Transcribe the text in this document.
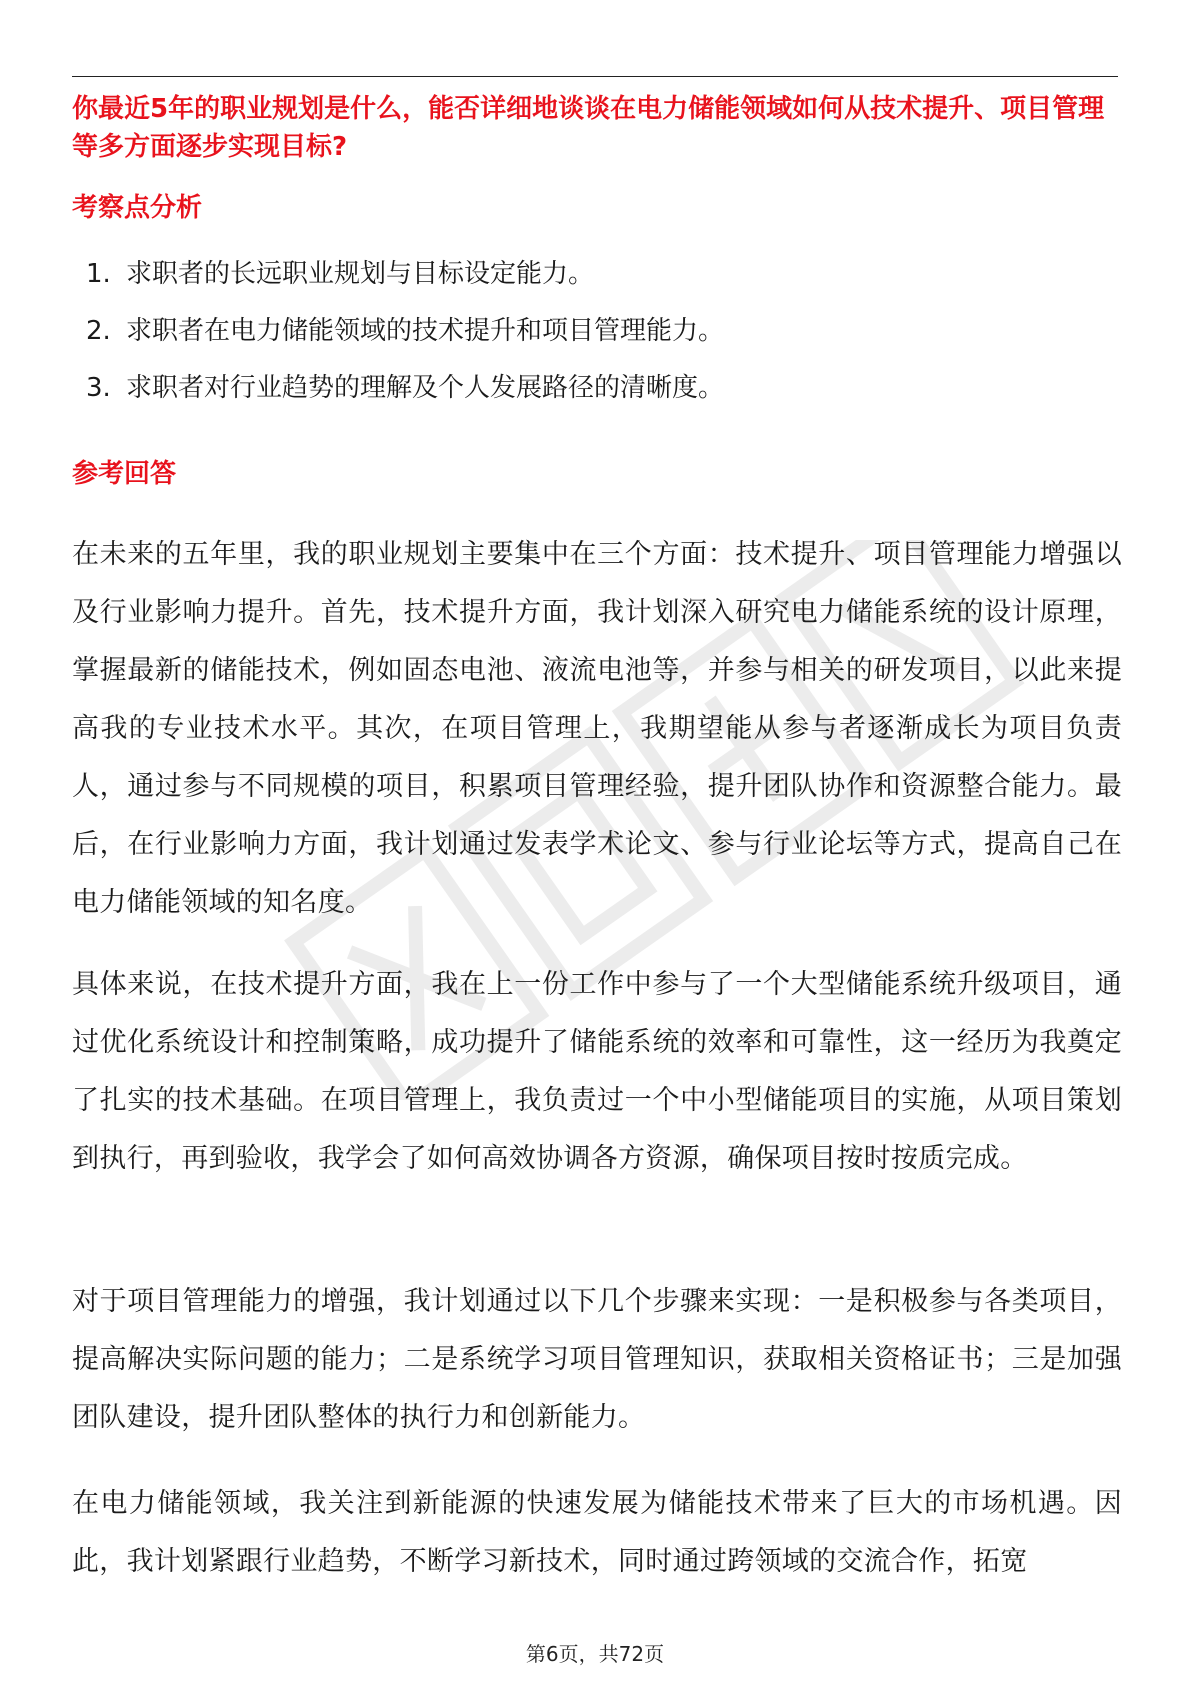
你最近5年的职业规划是什么，能否详细地谈谈在电力储能领域如何从技术提升、项目管理等多方面逐步实现目标?

考察点分析
1. 求职者的长远职业规划与目标设定能力。
2. 求职者在电力储能领域的技术提升和项目管理能力。
3. 求职者对行业趋势的理解及个人发展路径的清晰度。
参考回答

在未来的五年里，我的职业规划主要集中在三个方面：技术提升、项目管理能力增强以及行业影响力提升。首先，技术提升方面，我计划深入研究电力储能系统的设计原理，掌握最新的储能技术，例如固态电池、液流电池等，并参与相关的研发项目，以此来提高我的专业技术水平。其次，在项目管理上，我期望能从参与者逐渐成长为项目负责人，通过参与不同规模的项目，积累项目管理经验，提升团队协作和资源整合能力。最后，在行业影响力方面，我计划通过发表学术论文、参与行业论坛等方式，提高自己在电力储能领域的知名度。

具体来说，在技术提升方面，我在上一份工作中参与了一个大型储能系统升级项目，通过优化系统设计和控制策略，成功提升了储能系统的效率和可靠性，这一经历为我奠定了扎实的技术基础。在项目管理上，我负责过一个中小型储能项目的实施，从项目策划到执行，再到验收，我学会了如何高效协调各方资源，确保项目按时按质完成。

对于项目管理能力的增强，我计划通过以下几个步骤来实现：一是积极参与各类项目，提高解决实际问题的能力；二是系统学习项目管理知识，获取相关资格证书；三是加强团队建设，提升团队整体的执行力和创新能力。

在电力储能领域，我关注到新能源的快速发展为储能技术带来了巨大的市场机遇。因此，我计划紧跟行业趋势，不断学习新技术，同时通过跨领域的交流合作，拓宽

第6页，共72页
